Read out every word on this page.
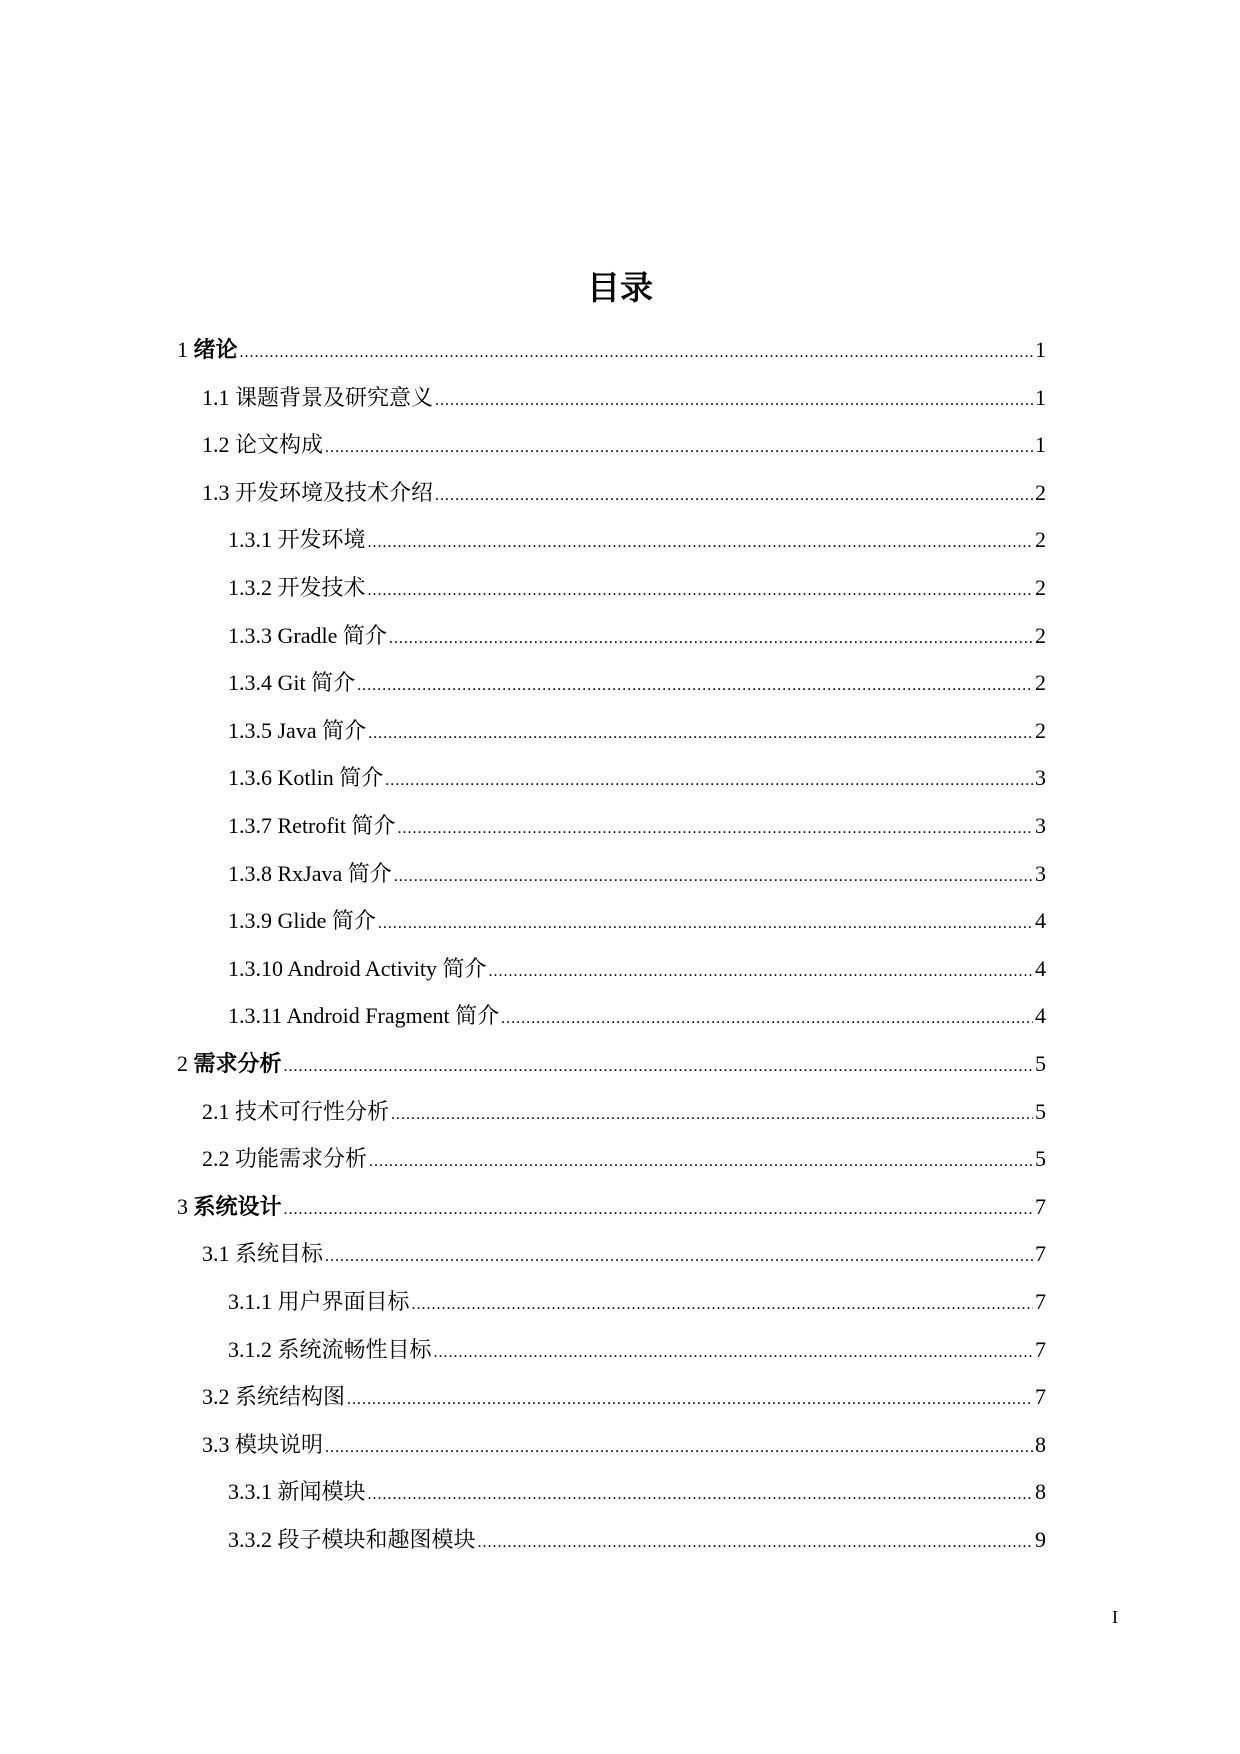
目录
1 绪论 .....	1
1.1 课题背景及研究意义 .....	1
1.2 论文构成 .....	1
1.3 开发环境及技术介绍 .....	2
1.3.1 开发环境 .....	2
1.3.2 开发技术 .....	2
1.3.3 Gradle 简介 .....	2
1.3.4 Git 简介 .....	2
1.3.5 Java 简介 .....	2
1.3.6 Kotlin 简介 .....	3
1.3.7 Retrofit 简介 .....	3
1.3.8 RxJava 简介 .....	3
1.3.9 Glide 简介 .....	4
1.3.10 Android Activity 简介 .....	4
1.3.11 Android Fragment 简介 .....	4
2 需求分析 .....	5
2.1 技术可行性分析 .....	5
2.2 功能需求分析 .....	5
3 系统设计 .....	7
3.1 系统目标 .....	7
3.1.1 用户界面目标 .....	7
3.1.2 系统流畅性目标 .....	7
3.2 系统结构图 .....	7
3.3 模块说明 .....	8
3.3.1 新闻模块 .....	8
3.3.2 段子模块和趣图模块 .....	9
I
